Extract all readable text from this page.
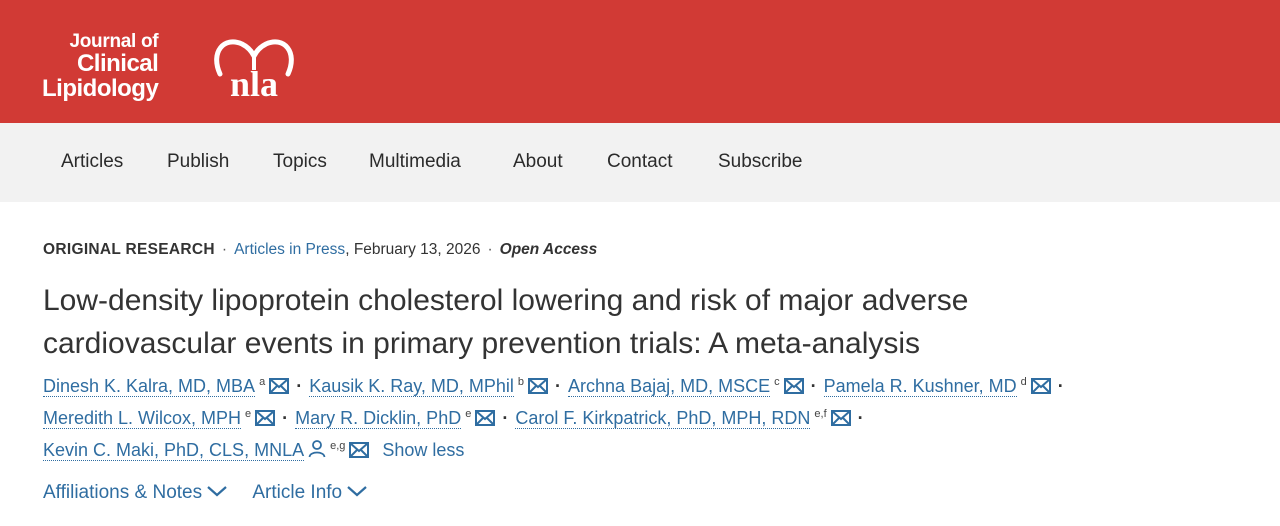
Journal of
Clinical
Lipidology nla
Articles Publish Topics Multimedia	About Contact Subscribe
ORIGINAL RESEARCH · Articles in Press, February 13, 2026 · Open Access
Low-density lipoprotein cholesterol lowering and risk of major adverse
cardiovascular events in primary prevention trials: A meta-analysis
Dinesh K. Kalra, MD, MBA $^a$ · Kausik K. Ray, MD, MPhil $^b$ · Archna Bajaj, MD, MSCE $^c$ · Pamela R. Kushner, MD $^d$ ·
Meredith L. Wilcox, MPH $^e$ · Mary R. Dicklin, PhD $^e$ · Carol F. Kirkpatrick, PhD, MPH, RDN $^{e,f}$ ·
Kevin C. Maki, PhD, CLS, MNLA $^{e,g}$ Show less
Affiliations & Notes	Article Info
